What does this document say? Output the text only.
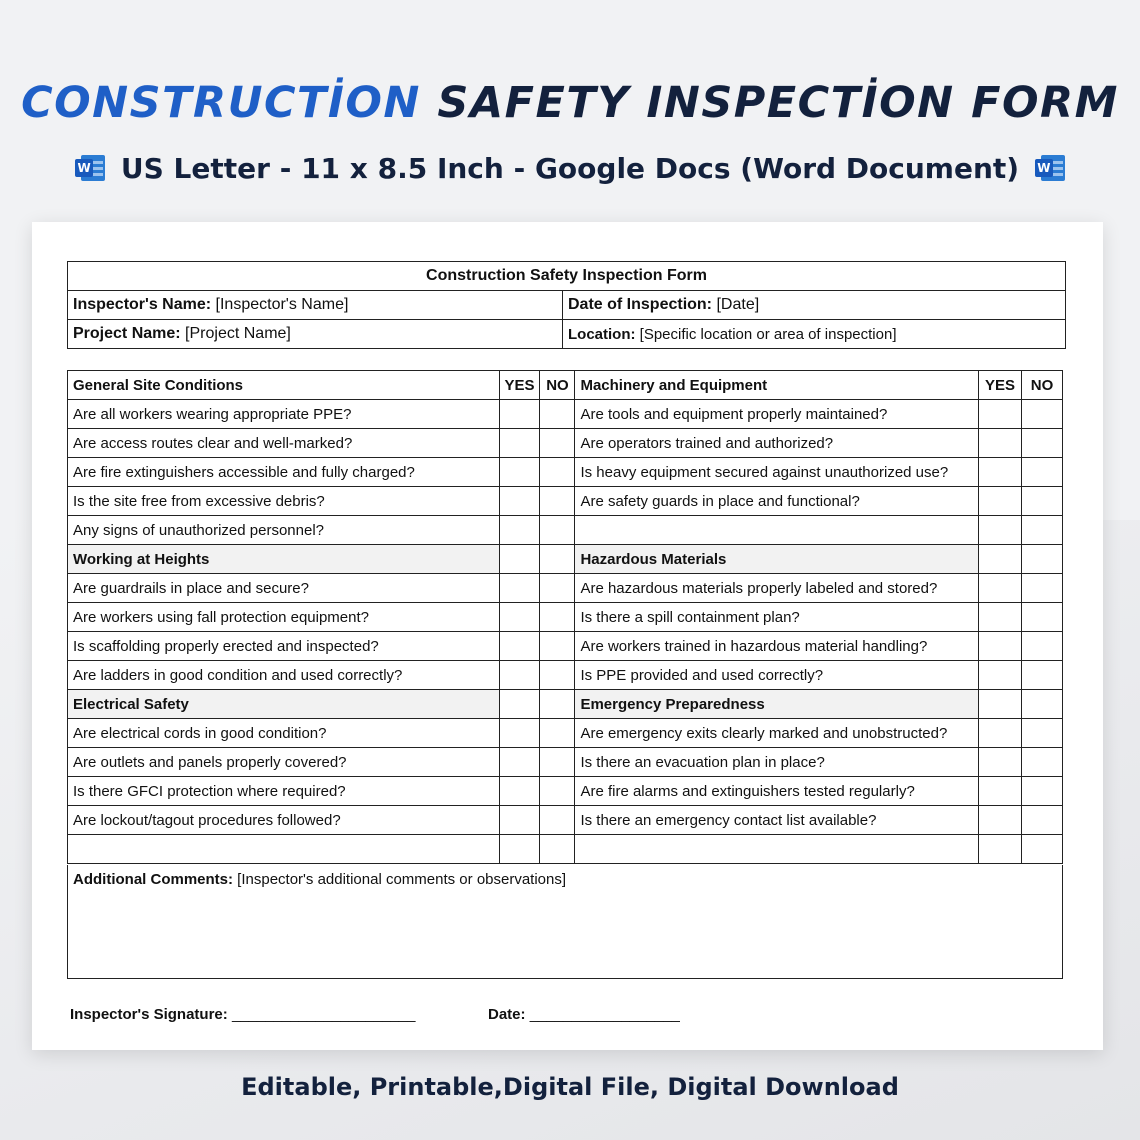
CONSTRUCTİON SAFETY INSPECTİON FORM
W US Letter - 11 x 8.5 Inch - Google Docs (Word Document) W
Construction Safety Inspection Form	
Inspector's Name: [Inspector's Name]	Date of Inspection: [Date]
Project Name: [Project Name]	Location: [Specific location or area of inspection]
General Site Conditions	YES	NO	Machinery and Equipment	YES	NO
Are all workers wearing appropriate PPE?			Are tools and equipment properly maintained?		
Are access routes clear and well-marked?			Are operators trained and authorized?		
Are fire extinguishers accessible and fully charged?			Is heavy equipment secured against unauthorized use?		
Is the site free from excessive debris?			Are safety guards in place and functional?		
Any signs of unauthorized personnel?					
Working at Heights			Hazardous Materials		
Are guardrails in place and secure?			Are hazardous materials properly labeled and stored?		
Are workers using fall protection equipment?			Is there a spill containment plan?		
Is scaffolding properly erected and inspected?			Are workers trained in hazardous material handling?		
Are ladders in good condition and used correctly?			Is PPE provided and used correctly?		
Electrical Safety			Emergency Preparedness		
Are electrical cords in good condition?			Are emergency exits clearly marked and unobstructed?		
Are outlets and panels properly covered?			Is there an evacuation plan in place?		
Is there GFCI protection where required?			Are fire alarms and extinguishers tested regularly?		
Are lockout/tagout procedures followed?			Is there an emergency contact list available?		

Additional Comments: [Inspector's additional comments or observations]
Inspector's Signature: ______________________	Date: __________________
Editable, Printable,Digital File, Digital Download
